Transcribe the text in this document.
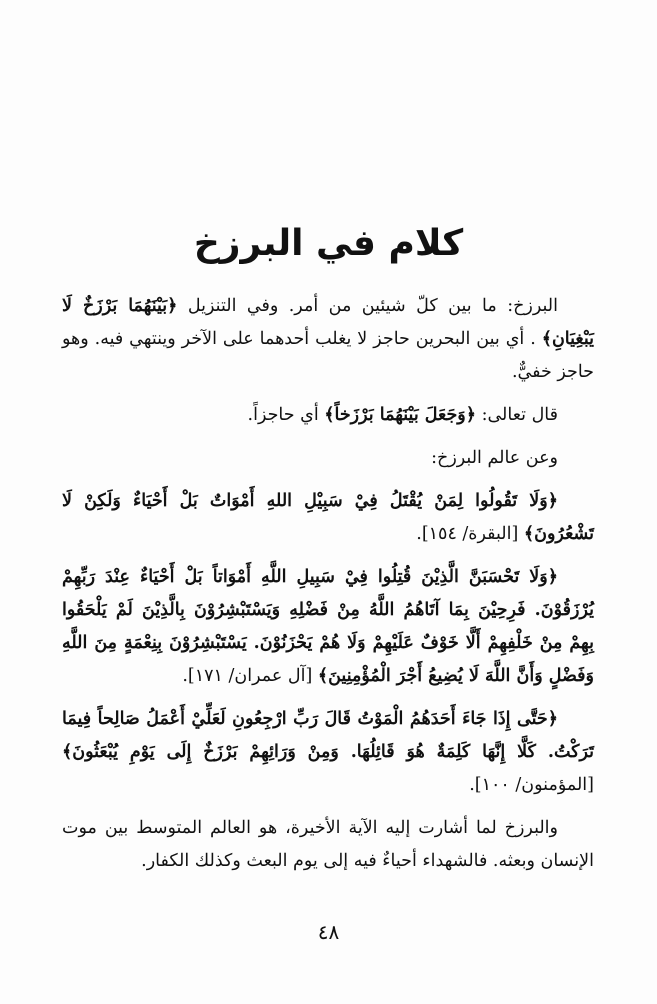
كلام في البرزخ

البرزخ: ما بين كلّ شيئين من أمر. وفي التنزيل ﴿بَيْنَهُمَا بَرْزَخٌ لَا يَبْغِيَانِ﴾ . أي بين البحرين حاجز لا يغلب أحدهما على الآخر وينتهي فيه. وهو حاجز خفيٌّ.

قال تعالى: ﴿وَجَعَلَ بَيْنَهُمَا بَرْزَخاً﴾ أي حاجزاً.

وعن عالم البرزخ:

﴿وَلَا تَقُولُوا لِمَنْ يُقْتَلُ فِيْ سَبِيْلِ اللهِ أَمْوَاتٌ بَلْ أَحْيَاءٌ وَلَكِنْ لَا تَشْعُرُونَ﴾ [البقرة/ ١٥٤].

﴿وَلَا تَحْسَبَنَّ الَّذِيْنَ قُتِلُوا فِيْ سَبِيلِ اللَّهِ أَمْوَاتاً بَلْ أَحْيَاءٌ عِنْدَ رَبِّهِمْ يُرْزَقُوْنَ. فَرِحِيْنَ بِمَا آتَاهُمُ اللَّهُ مِنْ فَضْلِهِ وَيَسْتَبْشِرُوْنَ بِالَّذِيْنَ لَمْ يَلْحَقُوا بِهِمْ مِنْ خَلْفِهِمْ أَلَّا خَوْفٌ عَلَيْهِمْ وَلَا هُمْ يَحْزَنُوْنَ. يَسْتَبْشِرُوْنَ بِنِعْمَةٍ مِنَ اللَّهِ وَفَضْلٍ وَأَنَّ اللَّهَ لَا يُضِيعُ أَجْرَ الْمُؤْمِنِينَ﴾ [آل عمران/ ١٧١].

﴿حَتَّى إِذَا جَاءَ أَحَدَهُمُ الْمَوْتُ قَالَ رَبِّ ارْجِعُونِ لَعَلِّيْ أَعْمَلُ صَالِحاً فِيمَا تَرَكْتُ. كَلَّا إِنَّهَا كَلِمَةٌ هُوَ قَائِلُهَا. وَمِنْ وَرَائِهِمْ بَرْزَخٌ إِلَى يَوْمِ يُبْعَثُونَ﴾ [المؤمنون/ ١٠٠].

والبرزخ لما أشارت إليه الآية الأخيرة، هو العالم المتوسط بين موت الإنسان وبعثه. فالشهداء أحياءٌ فيه إلى يوم البعث وكذلك الكفار.

٤٨
